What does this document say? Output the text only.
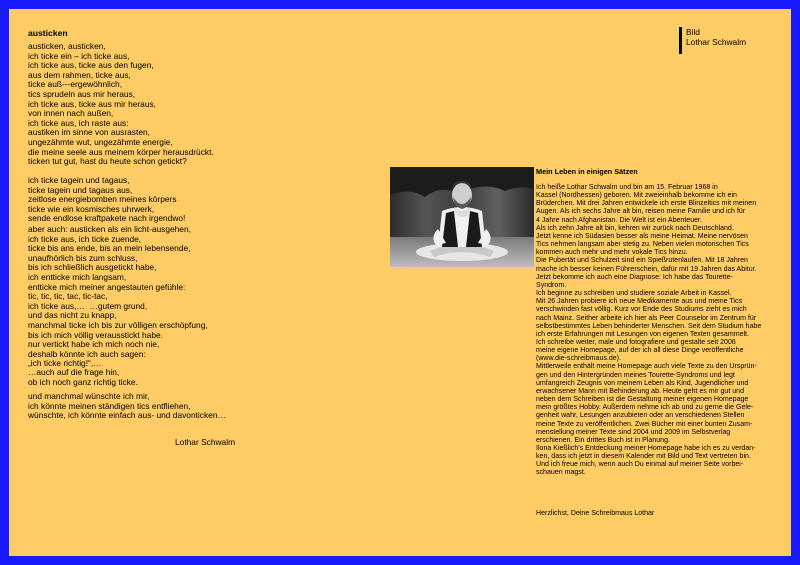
austicken
austicken, austicken,
ich ticke ein – ich ticke aus,
ich ticke aus, ticke aus den fugen,
aus dem rahmen, ticke aus,
ticke auß---ergewöhnlich,
tics sprudeln aus mir heraus,
ich ticke aus, ticke aus mir heraus,
von innen nach außen,
ich ticke aus, ich raste aus:
austiken im sinne von ausrasten,
ungezähmte wut, ungezähmte energie,
die meine seele aus meinem körper herausdrückt.
ticken tut gut, hast du heute schon getickt?
ich ticke tagein und tagaus,
ticke tagein und tagaus aus,
zeitlose energiebomben meines körpers
ticke wie ein kosmisches uhrwerk,
sende endlose kraftpakete nach irgendwo!
aber auch: austicken als ein licht-ausgehen,
ich ticke aus, ich ticke zuende,
ticke bis ans ende, bis an mein lebensende,
unaufhörlich bis zum schluss,
bis ich schließlich ausgetickt habe,
ich entticke mich langsam,
entticke mich meiner angestauten gefühle:
tic, tic, tic, tac, tic-tac,
ich ticke aus,…  …gutem grund,
und das nicht zu knapp,
manchmal ticke ich bis zur völligen erschöpfung,
bis ich mich völlig verausstickt habe.
nur vertickt habe ich mich noch nie,
deshalb könnte ich auch sagen:
„ich ticke richtig!“,…
…auch auf die frage hin,
ob ich noch ganz richtig ticke.
und manchmal wünschte ich mir,
ich könnte meinen ständigen tics entfliehen,
wünschte, ich könnte einfach aus- und davonticken…
Lothar Schwalm
Bild
Lothar Schwalm
Mein Leben in einigen Sätzen
Ich heiße Lothar Schwalm und bin am 15. Februar 1968 in
Kassel (Nordhessen) geboren. Mit zweieinhalb bekomme ich ein
Brüderchen. Mit drei Jahren entwickele ich erste Blinzeltics mit meinen
Augen. Als ich sechs Jahre alt bin, reisen meine Familie und ich für
4 Jahre nach Afghanistan. Die Welt ist ein Abenteuer.
Als ich zehn Jahre alt bin, kehren wir zurück nach Deutschland.
Jetzt kenne ich Südasien besser als meine Heimat. Meine nervösen
Tics nehmen langsam aber stetig zu. Neben vielen motorischen Tics
kommen auch mehr und mehr vokale Tics hinzu.
Die Pubertät und Schulzeit sind ein Spießrutenlaufen. Mit 18 Jahren
mache ich besser keinen Führerschein, dafür mit 19 Jahren das Abitur.
Jetzt bekomme ich auch eine Diagnose: Ich habe das Tourette-
Syndrom.
Ich beginne zu schreiben und studiere soziale Arbeit in Kassel.
Mit 26 Jahren probiere ich neue Medikamente aus und meine Tics
verschwinden fast völlig. Kurz vor Ende des Studiums zieht es mich
nach Mainz. Seither arbeite ich hier als Peer Counselor im Zentrum für
selbstbestimmtes Leben behinderter Menschen. Seit dem Studium habe
ich erste Erfahrungen mit Lesungen von eigenen Texten gesammelt.
Ich schreibe weiter, male und fotografiere und gestalte seit 2006
meine eigene Homepage, auf der ich all diese Dinge veröffentliche
(www.die-schreibmaus.de).
Mittlerweile enthält meine Homepage auch viele Texte zu den Ursprün-
gen und den Hintergründen meines Tourette-Syndroms und legt
umfangreich Zeugnis von meinem Leben als Kind, Jugendlicher und
erwachsener Mann mit Behinderung ab. Heute geht es mir gut und
neben dem Schreiben ist die Gestaltung meiner eigenen Homepage
mein größtes Hobby. Außerdem nehme ich ab und zu gerne die Gele-
genheit wahr, Lesungen anzubieten oder an verschiedenen Stellen
meine Texte zu veröffentlichen. Zwei Bücher mit einer bunten Zusam-
menstellung meiner Texte sind 2004 und 2009 im Selbstverlag
erschienen. Ein drittes Buch ist in Planung.
Ilona Kießlich's Entdeckung meiner Homepage habe ich es zu verdan-
ken, dass ich jetzt in diesem Kalender mit Bild und Text vertreten bin.
Und ich freue mich, wenn auch Du einmal auf meiner Seite vorbei-
schauen magst.
Herzlichst, Deine Schreibmaus Lothar
